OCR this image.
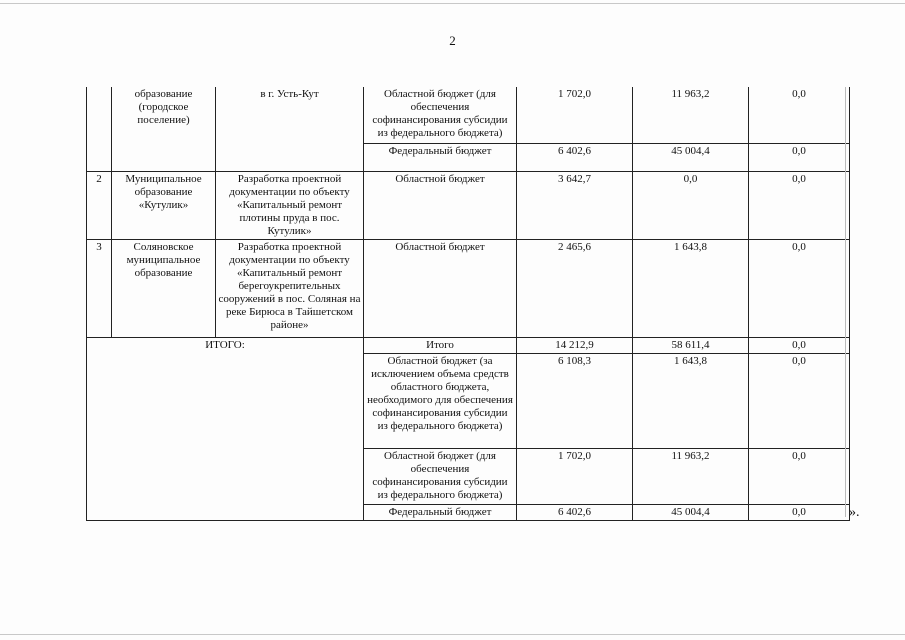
2
	образование (городское поселение)	в г. Усть-Кут	Областной бюджет (для обеспечения софинансирования субсидии из федерального бюджета)	1 702,0	11 963,2	0,0
			Федеральный бюджет	6 402,6	45 004,4	0,0
2	Муниципальное образование «Кутулик»	Разработка проектной документации по объекту «Капитальный ремонт плотины пруда в пос. Кутулик»	Областной бюджет	3 642,7	0,0	0,0
3	Соляновское муниципальное образование	Разработка проектной документации по объекту «Капитальный ремонт берегоукрепительных сооружений в пос. Соляная на реке Бирюса в Тайшетском районе»	Областной бюджет	2 465,6	1 643,8	0,0
ИТОГО:			Итого	14 212,9	58 611,4	0,0
			Областной бюджет (за исключением объема средств областного бюджета, необходимого для обеспечения софинансирования субсидии из федерального бюджета)	6 108,3	1 643,8	0,0
			Областной бюджет (для обеспечения софинансирования субсидии из федерального бюджета)	1 702,0	11 963,2	0,0
			Федеральный бюджет	6 402,6	45 004,4	0,0	».
